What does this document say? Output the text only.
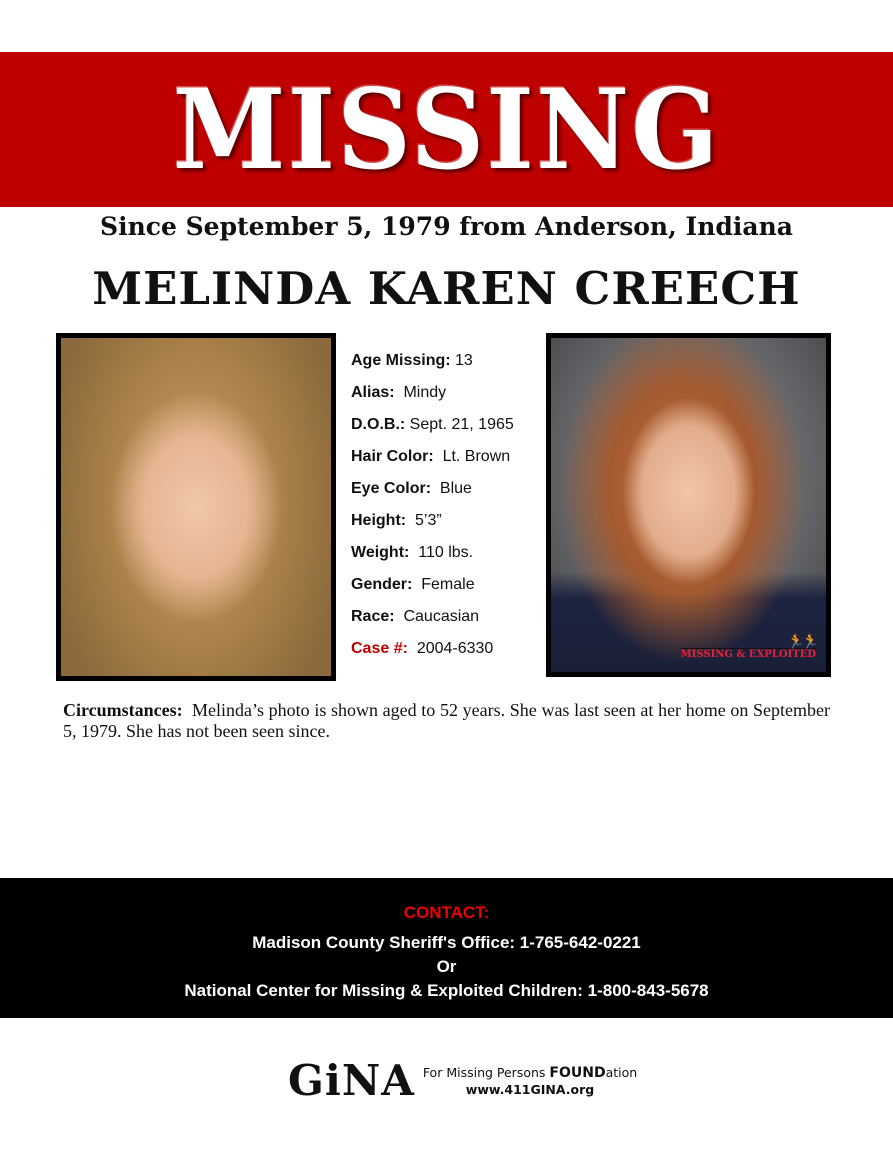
MISSING
Since September 5, 1979 from Anderson, Indiana
MELINDA KAREN CREECH
Age Missing: 13
Alias: Mindy
D.O.B.: Sept. 21, 1965
Hair Color: Lt. Brown
Eye Color: Blue
Height: 5’3”
Weight: 110 lbs.
Gender: Female
Race: Caucasian
Case #: 2004-6330	🏃🏃
MISSING & EXPLOITED
Circumstances: Melinda’s photo is shown aged to 52 years. She was last seen at her home on September 5, 1979. She has not been seen since.
CONTACT:
Madison County Sheriff's Office: 1-765-642-0221
Or
National Center for Missing & Exploited Children: 1-800-843-5678
GiNA For Missing Persons FOUNDation
www.411GINA.org
